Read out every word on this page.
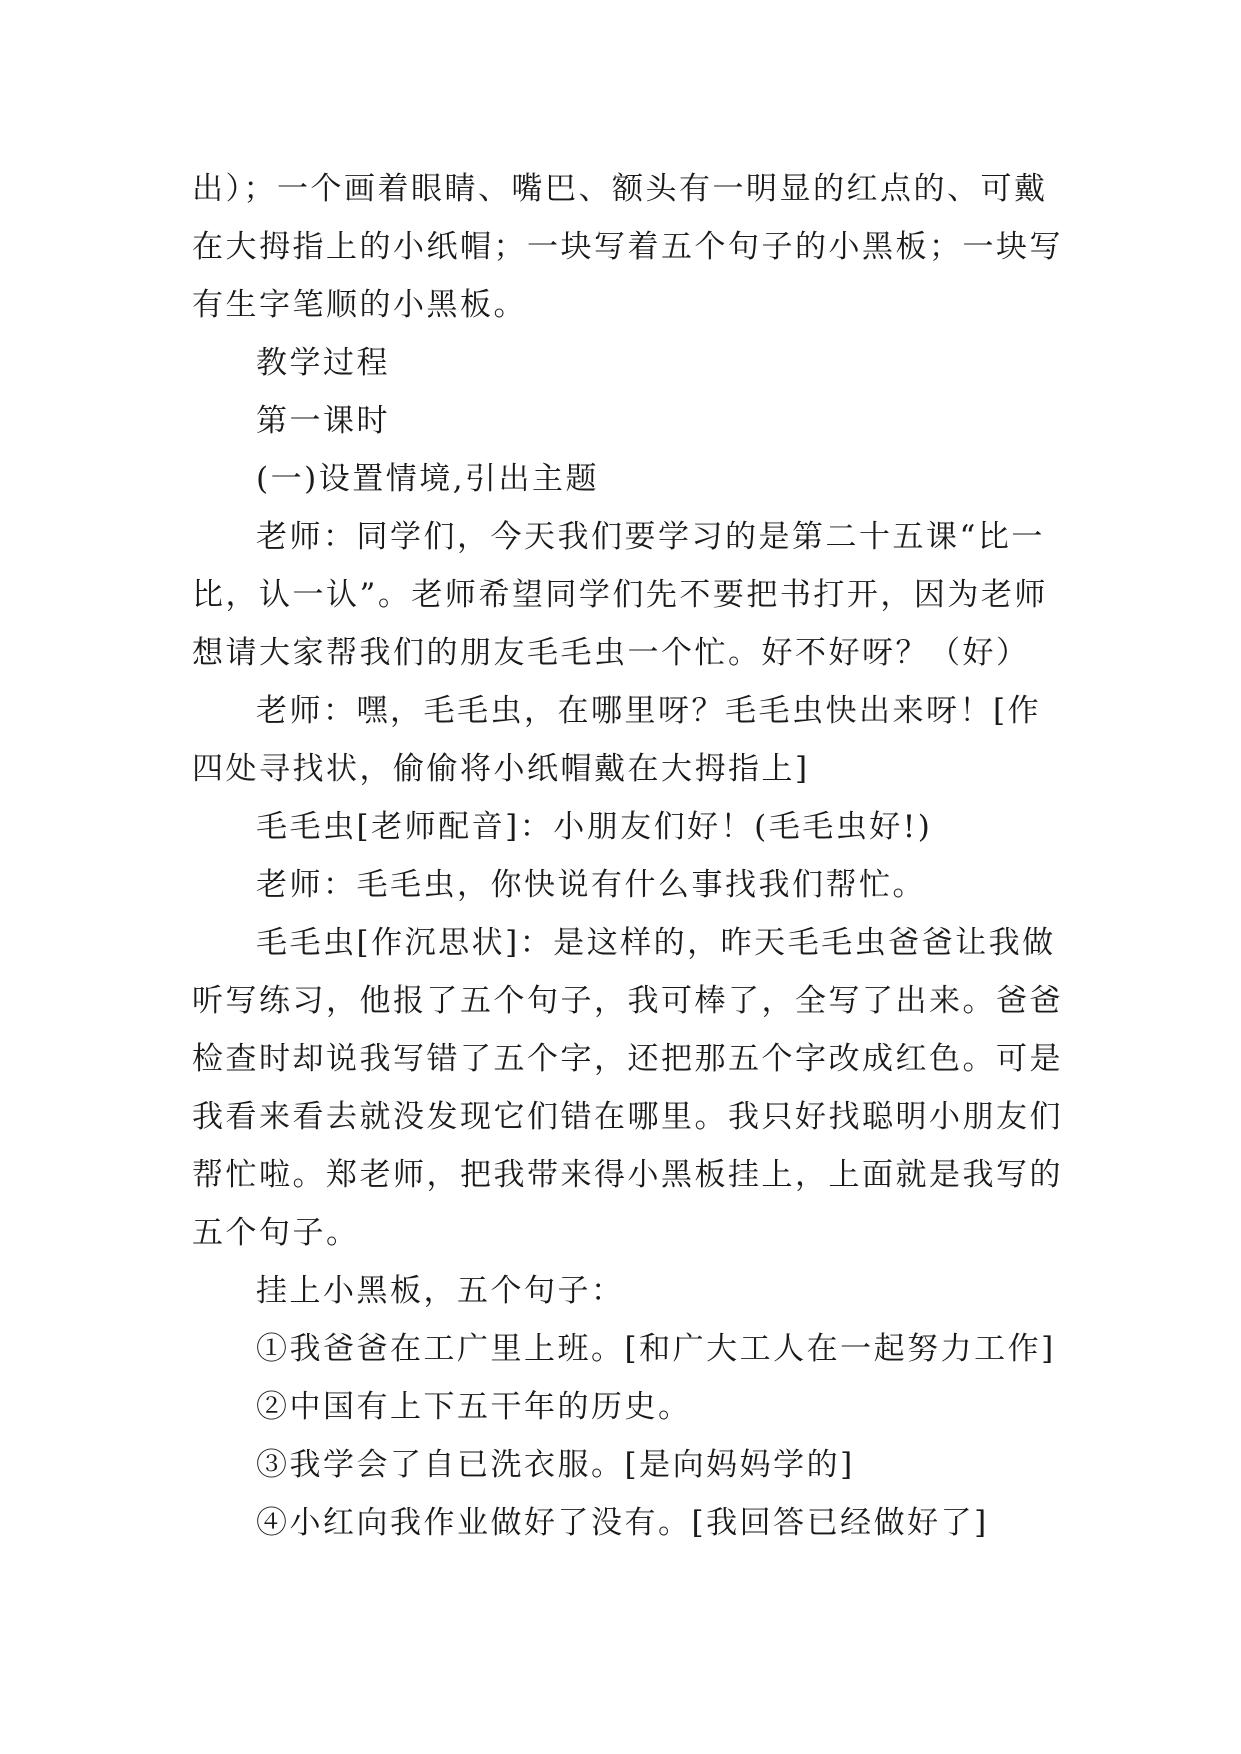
出）；一个画着眼睛、嘴巴、额头有一明显的红点的、可戴

在大拇指上的小纸帽；一块写着五个句子的小黑板；一块写

有生字笔顺的小黑板。

教学过程

第一课时

(一)设置情境,引出主题

老师：同学们，今天我们要学习的是第二十五课“比一

比，认一认”。老师希望同学们先不要把书打开，因为老师

想请大家帮我们的朋友毛毛虫一个忙。好不好呀？（好）

老师：嘿，毛毛虫，在哪里呀？毛毛虫快出来呀！[作

四处寻找状，偷偷将小纸帽戴在大拇指上]

毛毛虫[老师配音]：小朋友们好！(毛毛虫好!)

老师：毛毛虫，你快说有什么事找我们帮忙。

毛毛虫[作沉思状]：是这样的，昨天毛毛虫爸爸让我做

听写练习，他报了五个句子，我可棒了，全写了出来。爸爸

检查时却说我写错了五个字，还把那五个字改成红色。可是

我看来看去就没发现它们错在哪里。我只好找聪明小朋友们

帮忙啦。郑老师，把我带来得小黑板挂上，上面就是我写的

五个句子。

挂上小黑板，五个句子：

①我爸爸在工广里上班。[和广大工人在一起努力工作]

②中国有上下五干年的历史。

③我学会了自已洗衣服。[是向妈妈学的]

④小红向我作业做好了没有。[我回答已经做好了]
